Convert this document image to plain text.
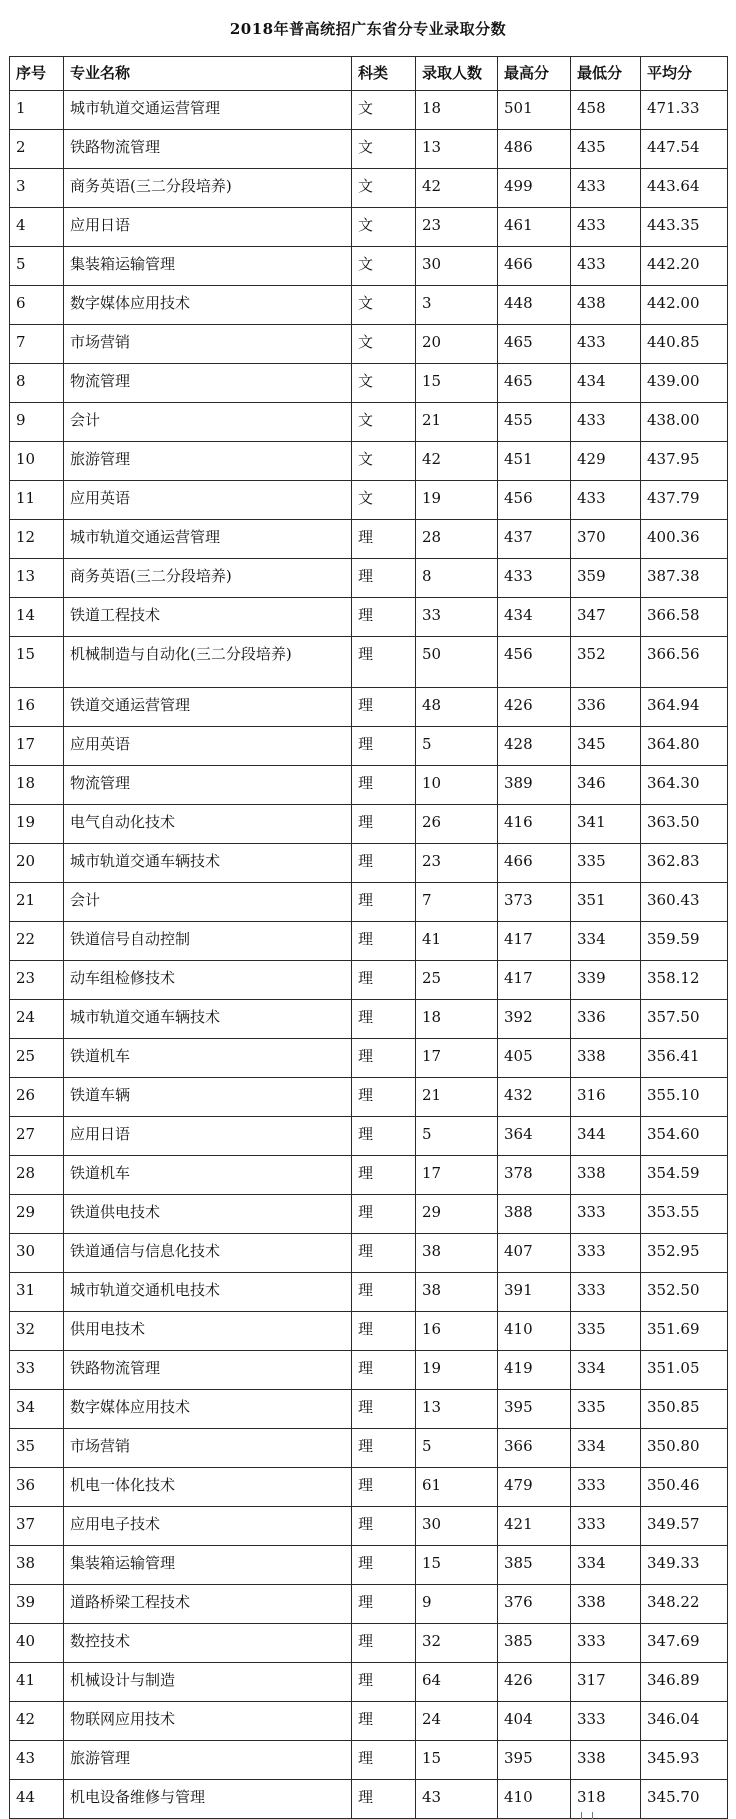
2018年普高统招广东省分专业录取分数
序号	专业名称	科类	录取人数	最高分	最低分	平均分
1	城市轨道交通运营管理	文	18	501	458	471.33
2	铁路物流管理	文	13	486	435	447.54
3	商务英语(三二分段培养)	文	42	499	433	443.64
4	应用日语	文	23	461	433	443.35
5	集装箱运输管理	文	30	466	433	442.20
6	数字媒体应用技术	文	3	448	438	442.00
7	市场营销	文	20	465	433	440.85
8	物流管理	文	15	465	434	439.00
9	会计	文	21	455	433	438.00
10	旅游管理	文	42	451	429	437.95
11	应用英语	文	19	456	433	437.79
12	城市轨道交通运营管理	理	28	437	370	400.36
13	商务英语(三二分段培养)	理	8	433	359	387.38
14	铁道工程技术	理	33	434	347	366.58
15	机械制造与自动化(三二分段培养)	理	50	456	352	366.56
16	铁道交通运营管理	理	48	426	336	364.94
17	应用英语	理	5	428	345	364.80
18	物流管理	理	10	389	346	364.30
19	电气自动化技术	理	26	416	341	363.50
20	城市轨道交通车辆技术	理	23	466	335	362.83
21	会计	理	7	373	351	360.43
22	铁道信号自动控制	理	41	417	334	359.59
23	动车组检修技术	理	25	417	339	358.12
24	城市轨道交通车辆技术	理	18	392	336	357.50
25	铁道机车	理	17	405	338	356.41
26	铁道车辆	理	21	432	316	355.10
27	应用日语	理	5	364	344	354.60
28	铁道机车	理	17	378	338	354.59
29	铁道供电技术	理	29	388	333	353.55
30	铁道通信与信息化技术	理	38	407	333	352.95
31	城市轨道交通机电技术	理	38	391	333	352.50
32	供用电技术	理	16	410	335	351.69
33	铁路物流管理	理	19	419	334	351.05
34	数字媒体应用技术	理	13	395	335	350.85
35	市场营销	理	5	366	334	350.80
36	机电一体化技术	理	61	479	333	350.46
37	应用电子技术	理	30	421	333	349.57
38	集装箱运输管理	理	15	385	334	349.33
39	道路桥梁工程技术	理	9	376	338	348.22
40	数控技术	理	32	385	333	347.69
41	机械设计与制造	理	64	426	317	346.89
42	物联网应用技术	理	24	404	333	346.04
43	旅游管理	理	15	395	338	345.93
44	机电设备维修与管理	理	43	410	318	345.70
